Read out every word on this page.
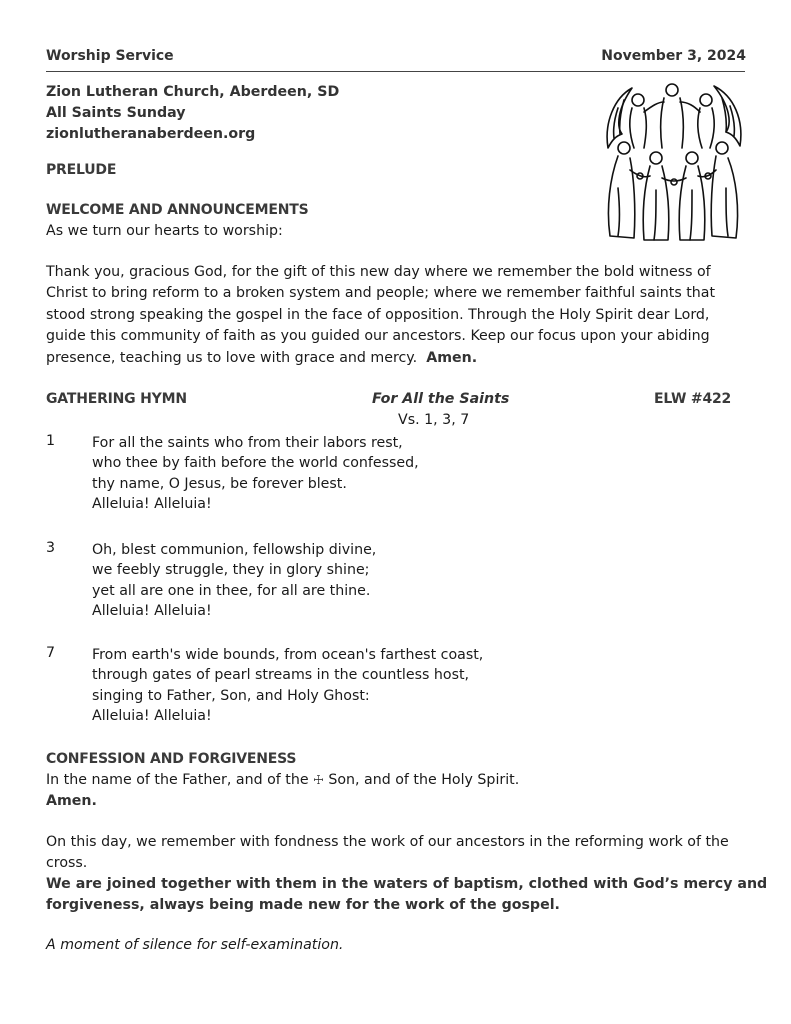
Worship Service	November 3, 2024
Zion Lutheran Church, Aberdeen, SD
All Saints Sunday
zionlutheranaberdeen.org
PRELUDE
WELCOME AND ANNOUNCEMENTS
As we turn our hearts to worship:
Thank you, gracious God, for the gift of this new day where we remember the bold witness of
Christ to bring reform to a broken system and people; where we remember faithful saints that
stood strong speaking the gospel in the face of opposition. Through the Holy Spirit dear Lord,
guide this community of faith as you guided our ancestors. Keep our focus upon your abiding
presence, teaching us to love with grace and mercy. Amen.
GATHERING HYMN	For All the Saints	ELW #422
Vs. 1, 3, 7
1	For all the saints who from their labors rest,
who thee by faith before the world confessed,
thy name, O Jesus, be forever blest.
Alleluia! Alleluia!
3	Oh, blest communion, fellowship divine,
we feebly struggle, they in glory shine;
yet all are one in thee, for all are thine.
Alleluia! Alleluia!
7	From earth's wide bounds, from ocean's farthest coast,
through gates of pearl streams in the countless host,
singing to Father, Son, and Holy Ghost:
Alleluia! Alleluia!
CONFESSION AND FORGIVENESS
In the name of the Father, and of the ☩ Son, and of the Holy Spirit.
Amen.
On this day, we remember with fondness the work of our ancestors in the reforming work of the
cross.
We are joined together with them in the waters of baptism, clothed with God’s mercy and
forgiveness, always being made new for the work of the gospel.
A moment of silence for self-examination.
